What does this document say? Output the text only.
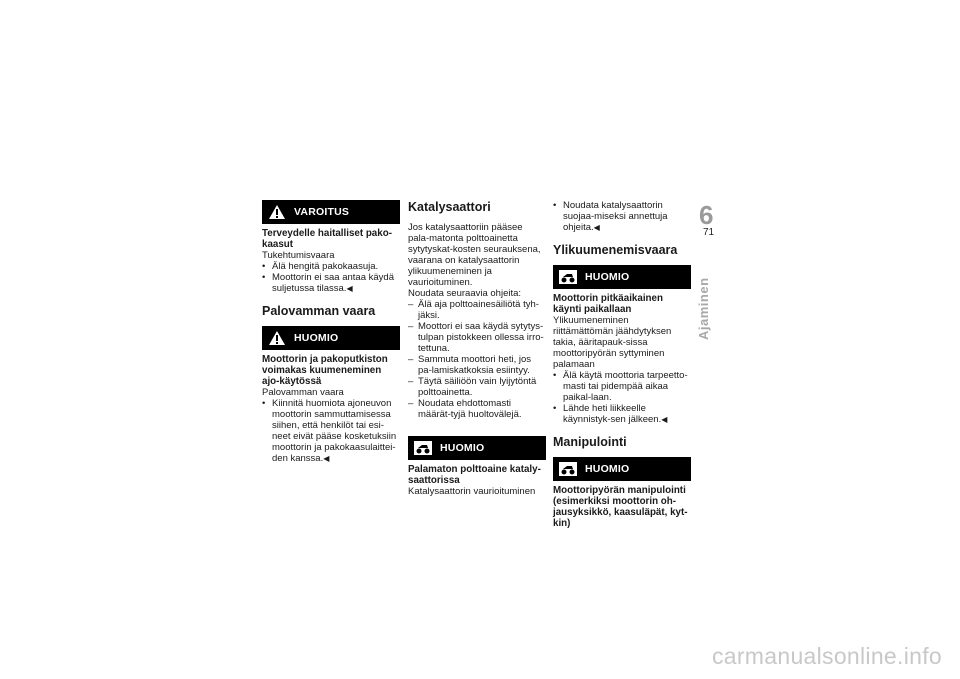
VAROITUS
Terveydelle haitalliset pako-kaasut
Tukehtumisvaara
• Älä hengitä pakokaasuja.
• Moottorin ei saa antaa käydä suljetussa tilassa.◀
Palovamman vaara
HUOMIO
Moottorin ja pakoputkiston voimakas kuumeneminen ajo-käytössä
Palovamman vaara
• Kiinnitä huomiota ajoneuvon moottorin sammuttamisessa siihen, että henkilöt tai esi-neet eivät pääse kosketuksiin moottorin ja pakokaasulaittei-den kanssa.◀
Katalysaattori
Jos katalysaattoriin pääsee pala-matonta polttoainetta sytytyskat-kosten seurauksena, vaarana on katalysaattorin ylikuumeneminen ja vaurioituminen.
Noudata seuraavia ohjeita:
– Älä aja polttoainesäiliötä tyh-jäksi.
– Moottori ei saa käydä sytytys-tulpan pistokkeen ollessa irro-tettuna.
– Sammuta moottori heti, jos pa-lamiskatkoksia esiintyy.
– Täytä säiliöön vain lyijytöntä polttoainetta.
– Noudata ehdottomasti määrät-tyjä huoltovälejä.
HUOMIO
Palamaton polttoaine kataly-saattorissa
Katalysaattorin vaurioituminen
• Noudata katalysaattorin suojaa-miseksi annettuja ohjeita.◀
Ylikuumenemisvaara
HUOMIO
Moottorin pitkäaikainen käynti paikallaan
Ylikuumeneminen riittämättömän jäähdytyksen takia, ääritapauk-sissa moottoripyörän syttyminen palamaan
• Älä käytä moottoria tarpeetto-masti tai pidempää aikaa paikal-laan.
• Lähde heti liikkeelle käynnistyk-sen jälkeen.◀
Manipulointi
HUOMIO
Moottoripyörän manipulointi (esimerkiksi moottorin oh-jausyksikkö, kaasuläpät, kyt-kin)
6
71
Ajaminen
carmanualsonline.info
